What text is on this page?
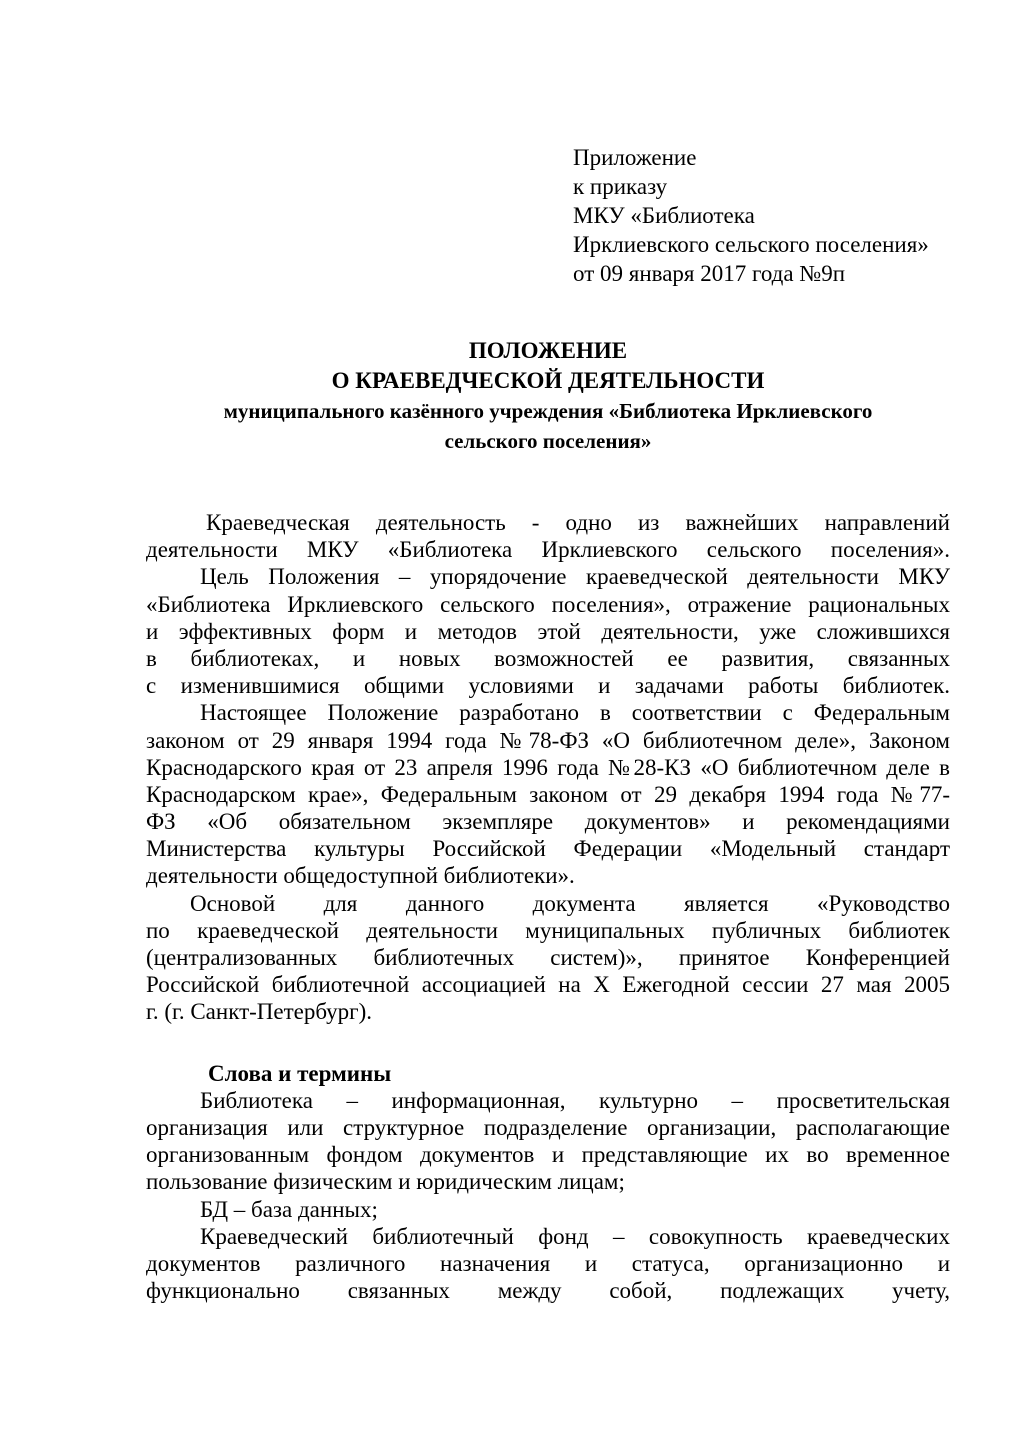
Приложение
к приказу
МКУ «Библиотека
Ирклиевского сельского поселения»
от 09 января 2017 года №9п
ПОЛОЖЕНИЕ
О КРАЕВЕДЧЕСКОЙ ДЕЯТЕЛЬНОСТИ
муниципального казённого учреждения «Библиотека Ирклиевского
сельского поселения»
Краеведческая деятельность - одно из важнейших направлений
деятельности МКУ «Библиотека Ирклиевского сельского поселения».
Цель Положения – упорядочение краеведческой деятельности МКУ
«Библиотека Ирклиевского сельского поселения», отражение рациональных
и эффективных форм и методов этой деятельности, уже сложившихся
в библиотеках, и новых возможностей ее развития, связанных
с изменившимися общими условиями и задачами работы библиотек.
Настоящее Положение разработано в соответствии с Федеральным
законом от 29 января 1994 года №78-ФЗ «О библиотечном деле», Законом
Краснодарского края от 23 апреля 1996 года №28-КЗ «О библиотечном деле в
Краснодарском крае», Федеральным законом от 29 декабря 1994 года №77-
ФЗ «Об обязательном экземпляре документов» и рекомендациями
Министерства культуры Российской Федерации «Модельный стандарт
деятельности общедоступной библиотеки».
Основой для данного документа является «Руководство
по краеведческой деятельности муниципальных публичных библиотек
(централизованных библиотечных систем)», принятое Конференцией
Российской библиотечной ассоциацией на Х Ежегодной сессии 27 мая 2005
г. (г. Санкт-Петербург).
Слова и термины
Библиотека – информационная, культурно – просветительская
организация или структурное подразделение организации, располагающие
организованным фондом документов и представляющие их во временное
пользование физическим и юридическим лицам;
БД – база данных;
Краеведческий библиотечный фонд – совокупность краеведческих
документов различного назначения и статуса, организационно и
функционально связанных между собой, подлежащих учету,
